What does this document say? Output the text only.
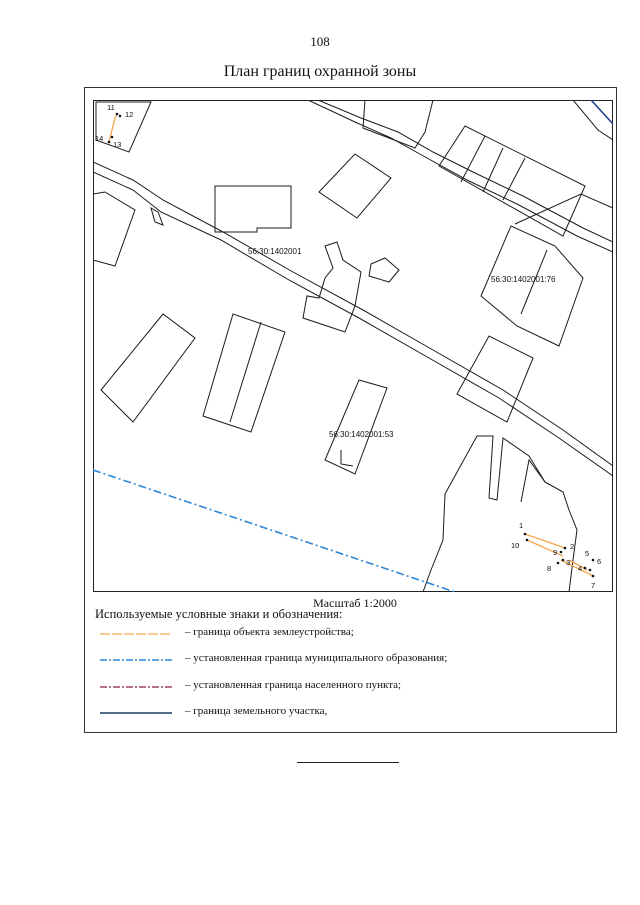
108
План границ охранной зоны
11
12
13
14
1
10	2
9
3
5
6
8	4
7
56:30:1402001
56:30:1402001:76
56:30:1402001:53
Масштаб 1:2000
Используемые условные знаки и обозначения:
– граница объекта землеустройства;
– установленная граница муниципального образования;
– установленная граница населенного пункта;
– граница земельного участка,
